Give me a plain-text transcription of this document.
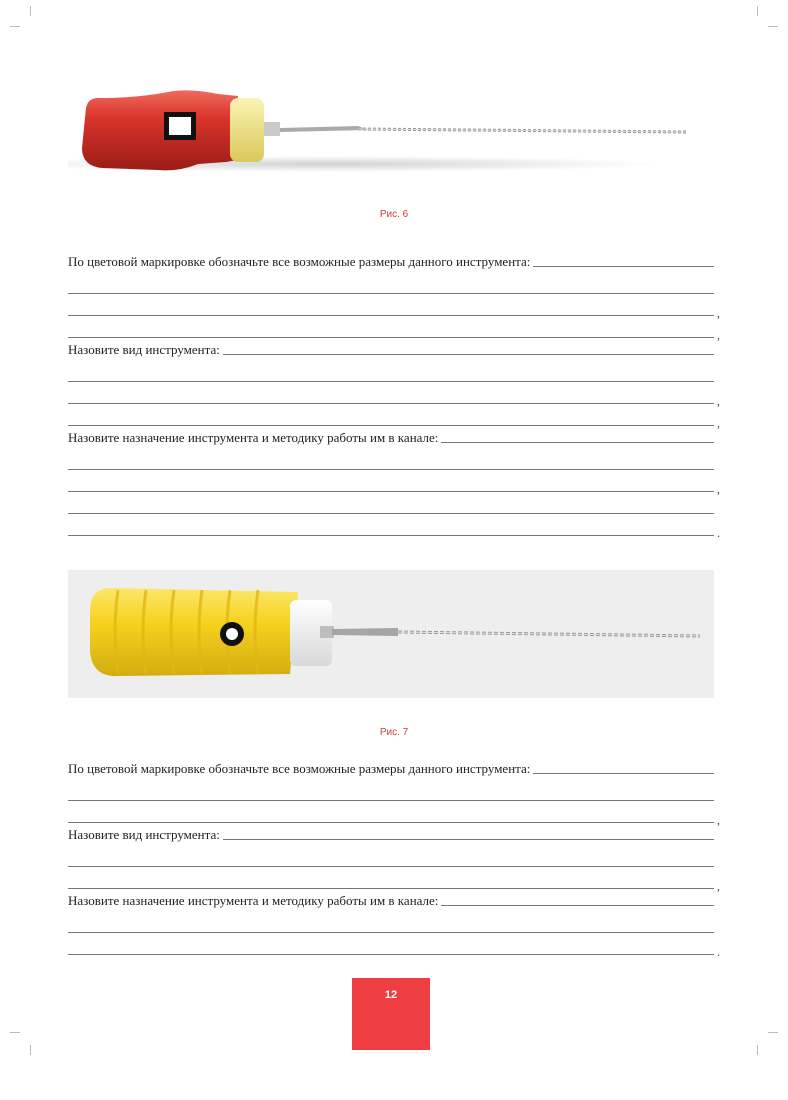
Рис. 6
По цветовой маркировке обозначьте все возможные размеры данного инструмента:
,
,
Назовите вид инструмента:
,
,
Назовите назначение инструмента и методику работы им в канале:
,
.
Рис. 7
По цветовой маркировке обозначьте все возможные размеры данного инструмента:
,
Назовите вид инструмента:
,
Назовите назначение инструмента и методику работы им в канале:
.
12
